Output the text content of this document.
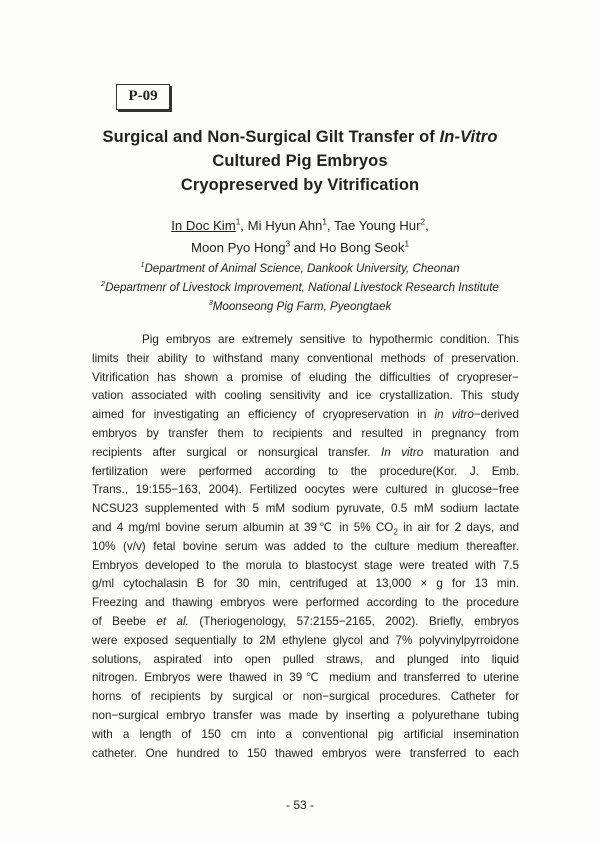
P-09
Surgical and Non-Surgical Gilt Transfer of In-Vitro
Cultured Pig Embryos
Cryopreserved by Vitrification
In Doc Kim$^1$, Mi Hyun Ahn$^1$, Tae Young Hur$^2$,
Moon Pyo Hong$^3$ and Ho Bong Seok$^1$
$^1$Department of Animal Science, Dankook University, Cheonan
$^2$Departmenr of Livestock Improvement, National Livestock Research Institute
$^3$Moonseong Pig Farm, Pyeongtaek
Pig embryos are extremely sensitive to hypothermic condition. This
limits their ability to withstand many conventional methods of preservation.
Vitrification has shown a promise of eluding the difficulties of cryopreser−
vation associated with cooling sensitivity and ice crystallization. This study
aimed for investigating an efficiency of cryopreservation in in vitro−derived
embryos by transfer them to recipients and resulted in pregnancy from
recipients after surgical or nonsurgical transfer. In vitro maturation and
fertilization were performed according to the procedure(Kor. J. Emb.
Trans., 19:155−163, 2004). Fertilized oocytes were cultured in glucose−free
NCSU23 supplemented with 5 mM sodium pyruvate, 0.5 mM sodium lactate
and 4 mg/ml bovine serum albumin at 39℃ in 5% $CO_2$ in air for 2 days, and
10% (v/v) fetal bovine serum was added to the culture medium thereafter.
Embryos developed to the morula to blastocyst stage were treated with 7.5
g/ml cytochalasin B for 30 min, centrifuged at 13,000 × g for 13 min.
Freezing and thawing embryos were performed according to the procedure
of Beebe et al. (Theriogenology, 57:2155−2165, 2002). Briefly, embryos
were exposed sequentially to 2M ethylene glycol and 7% polyvinylpyrroidone
solutions, aspirated into open pulled straws, and plunged into liquid
nitrogen. Embryos were thawed in 39℃ medium and transferred to uterine
horns of recipients by surgical or non−surgical procedures. Catheter for
non−surgical embryo transfer was made by inserting a polyurethane tubing
with a length of 150 cm into a conventional pig artificial insemination
catheter. One hundred to 150 thawed embryos were transferred to each
- 53 -
